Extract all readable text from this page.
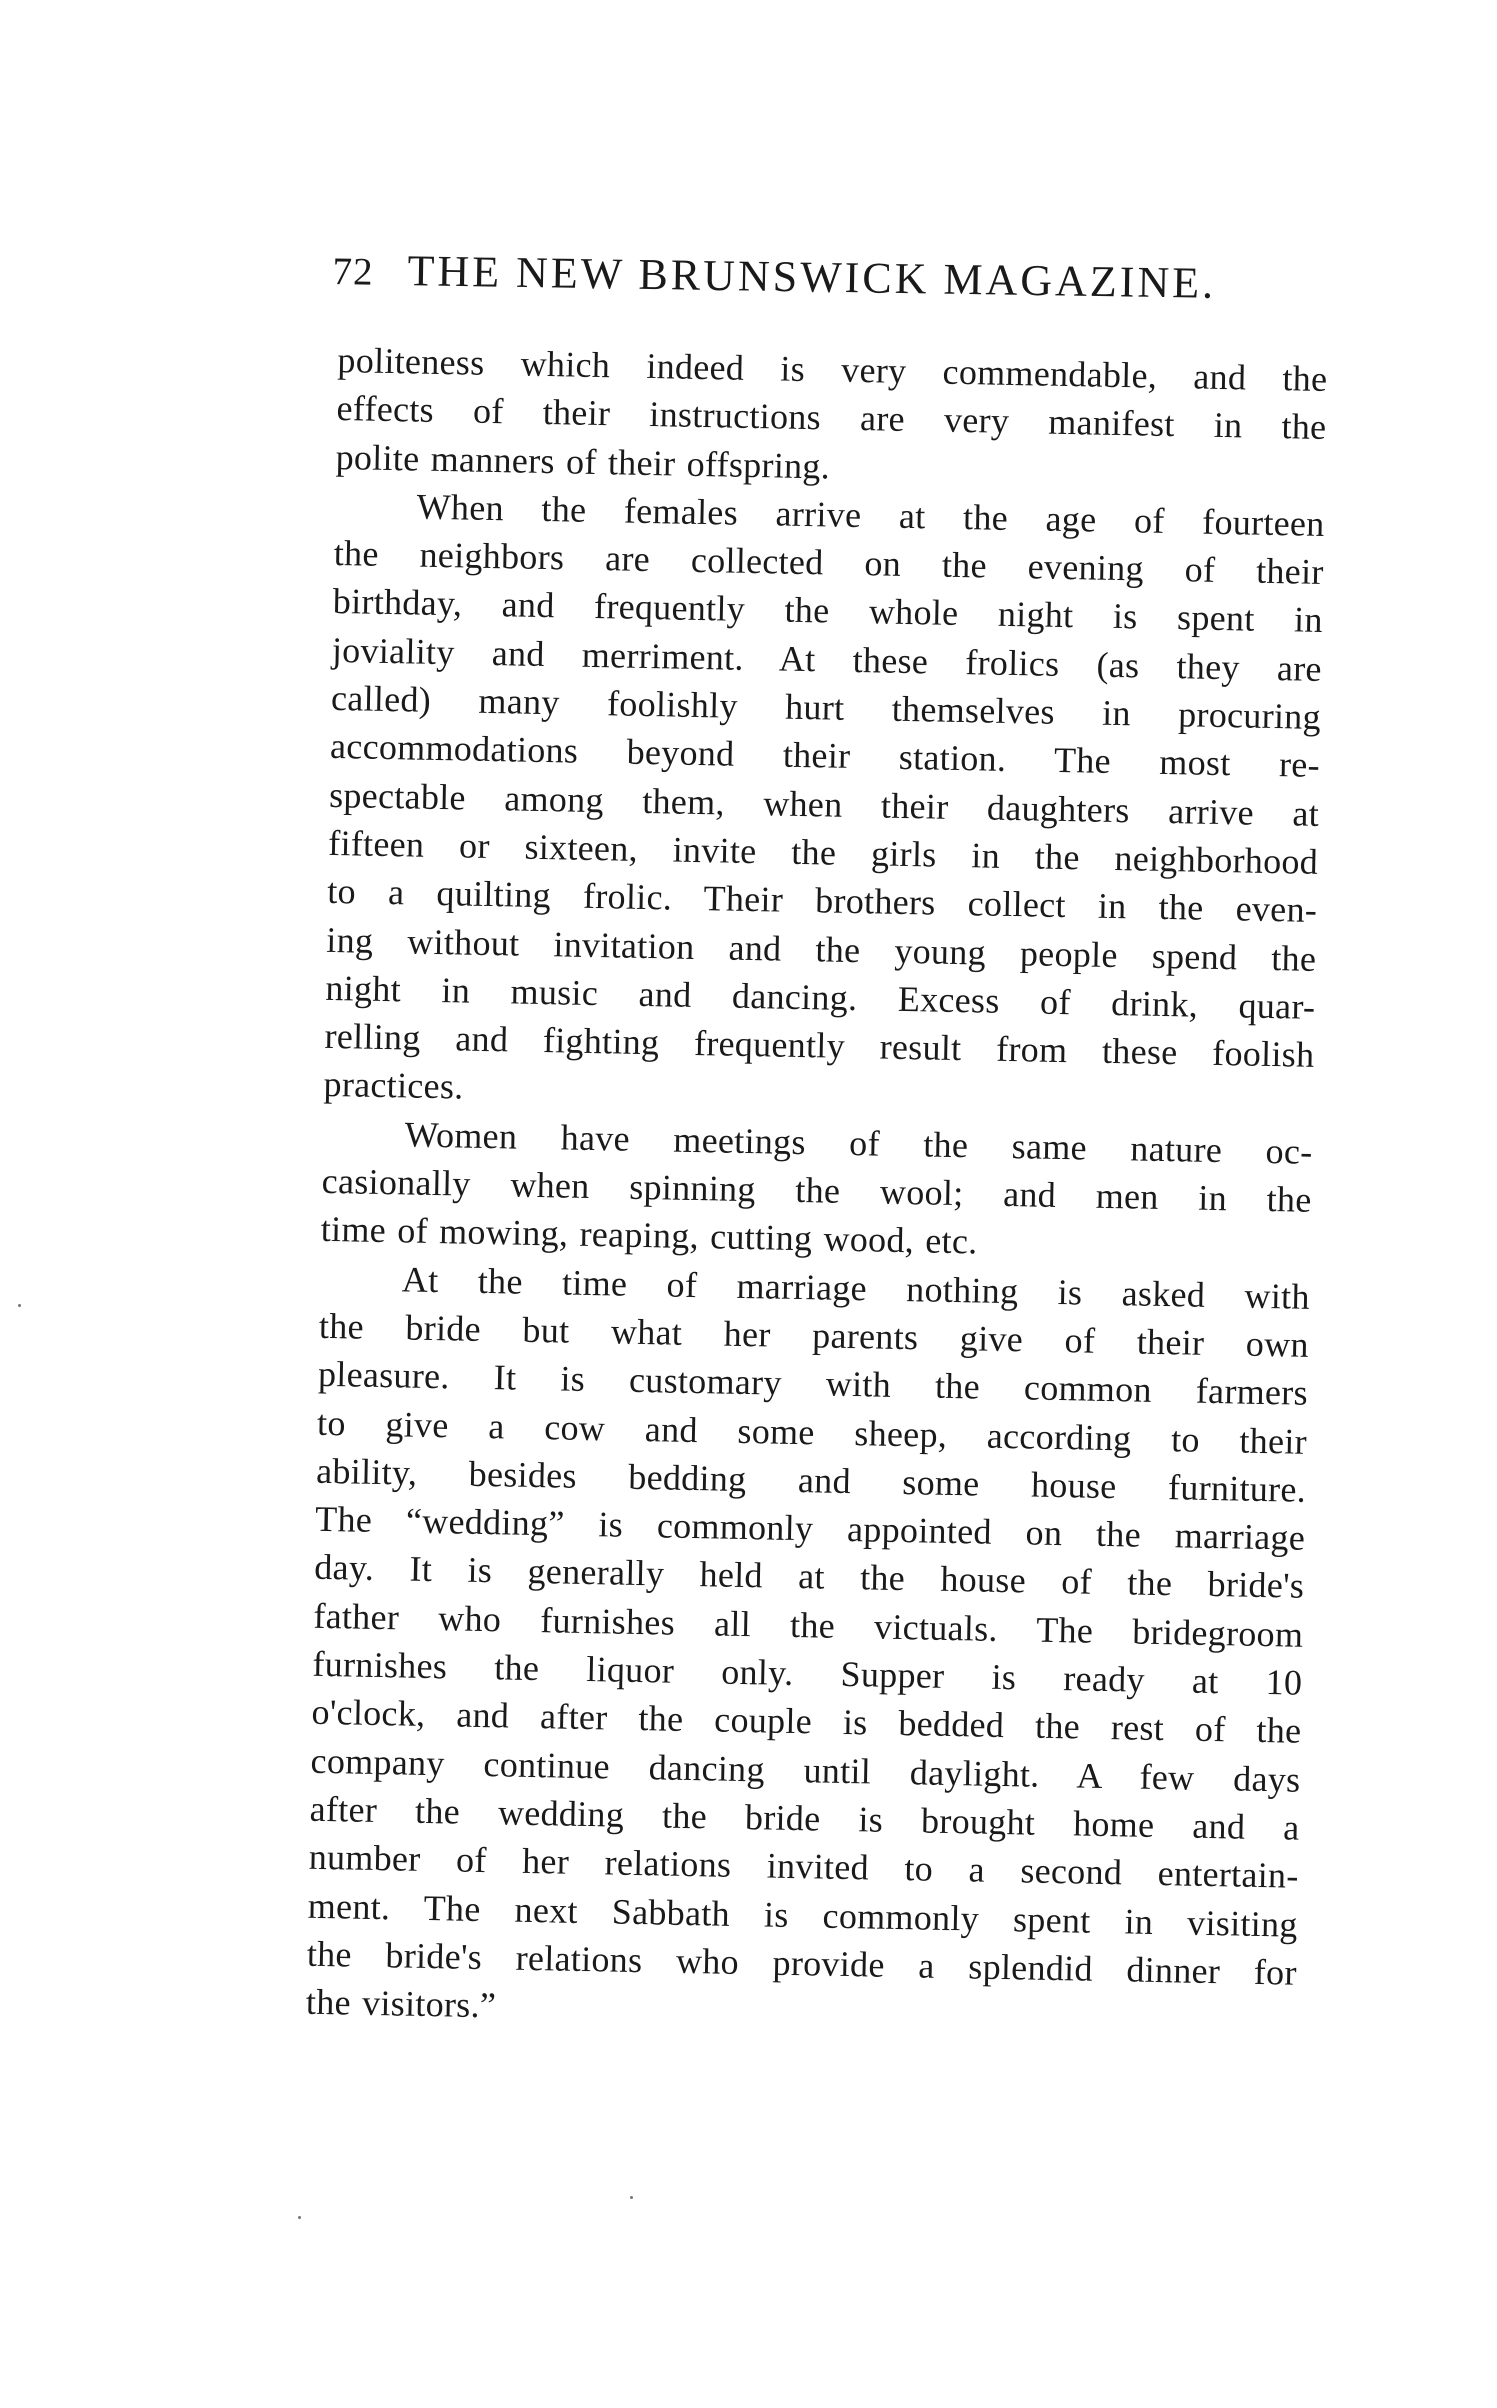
72 THE NEW BRUNSWICK MAGAZINE.
politeness which indeed is very commendable, and the
effects of their instructions are very manifest in the
polite manners of their offspring.
When the females arrive at the age of fourteen
the neighbors are collected on the evening of their
birthday, and frequently the whole night is spent in
joviality and merriment. At these frolics (as they are
called) many foolishly hurt themselves in procuring
accommodations beyond their station. The most re-
spectable among them, when their daughters arrive at
fifteen or sixteen, invite the girls in the neighborhood
to a quilting frolic. Their brothers collect in the even-
ing without invitation and the young people spend the
night in music and dancing. Excess of drink, quar-
relling and fighting frequently result from these foolish
practices.
Women have meetings of the same nature oc-
casionally when spinning the wool; and men in the
time of mowing, reaping, cutting wood, etc.
At the time of marriage nothing is asked with
the bride but what her parents give of their own
pleasure. It is customary with the common farmers
to give a cow and some sheep, according to their
ability, besides bedding and some house furniture.
The “wedding” is commonly appointed on the marriage
day. It is generally held at the house of the bride's
father who furnishes all the victuals. The bridegroom
furnishes the liquor only. Supper is ready at 10
o'clock, and after the couple is bedded the rest of the
company continue dancing until daylight. A few days
after the wedding the bride is brought home and a
number of her relations invited to a second entertain-
ment. The next Sabbath is commonly spent in visiting
the bride's relations who provide a splendid dinner for
the visitors.”
